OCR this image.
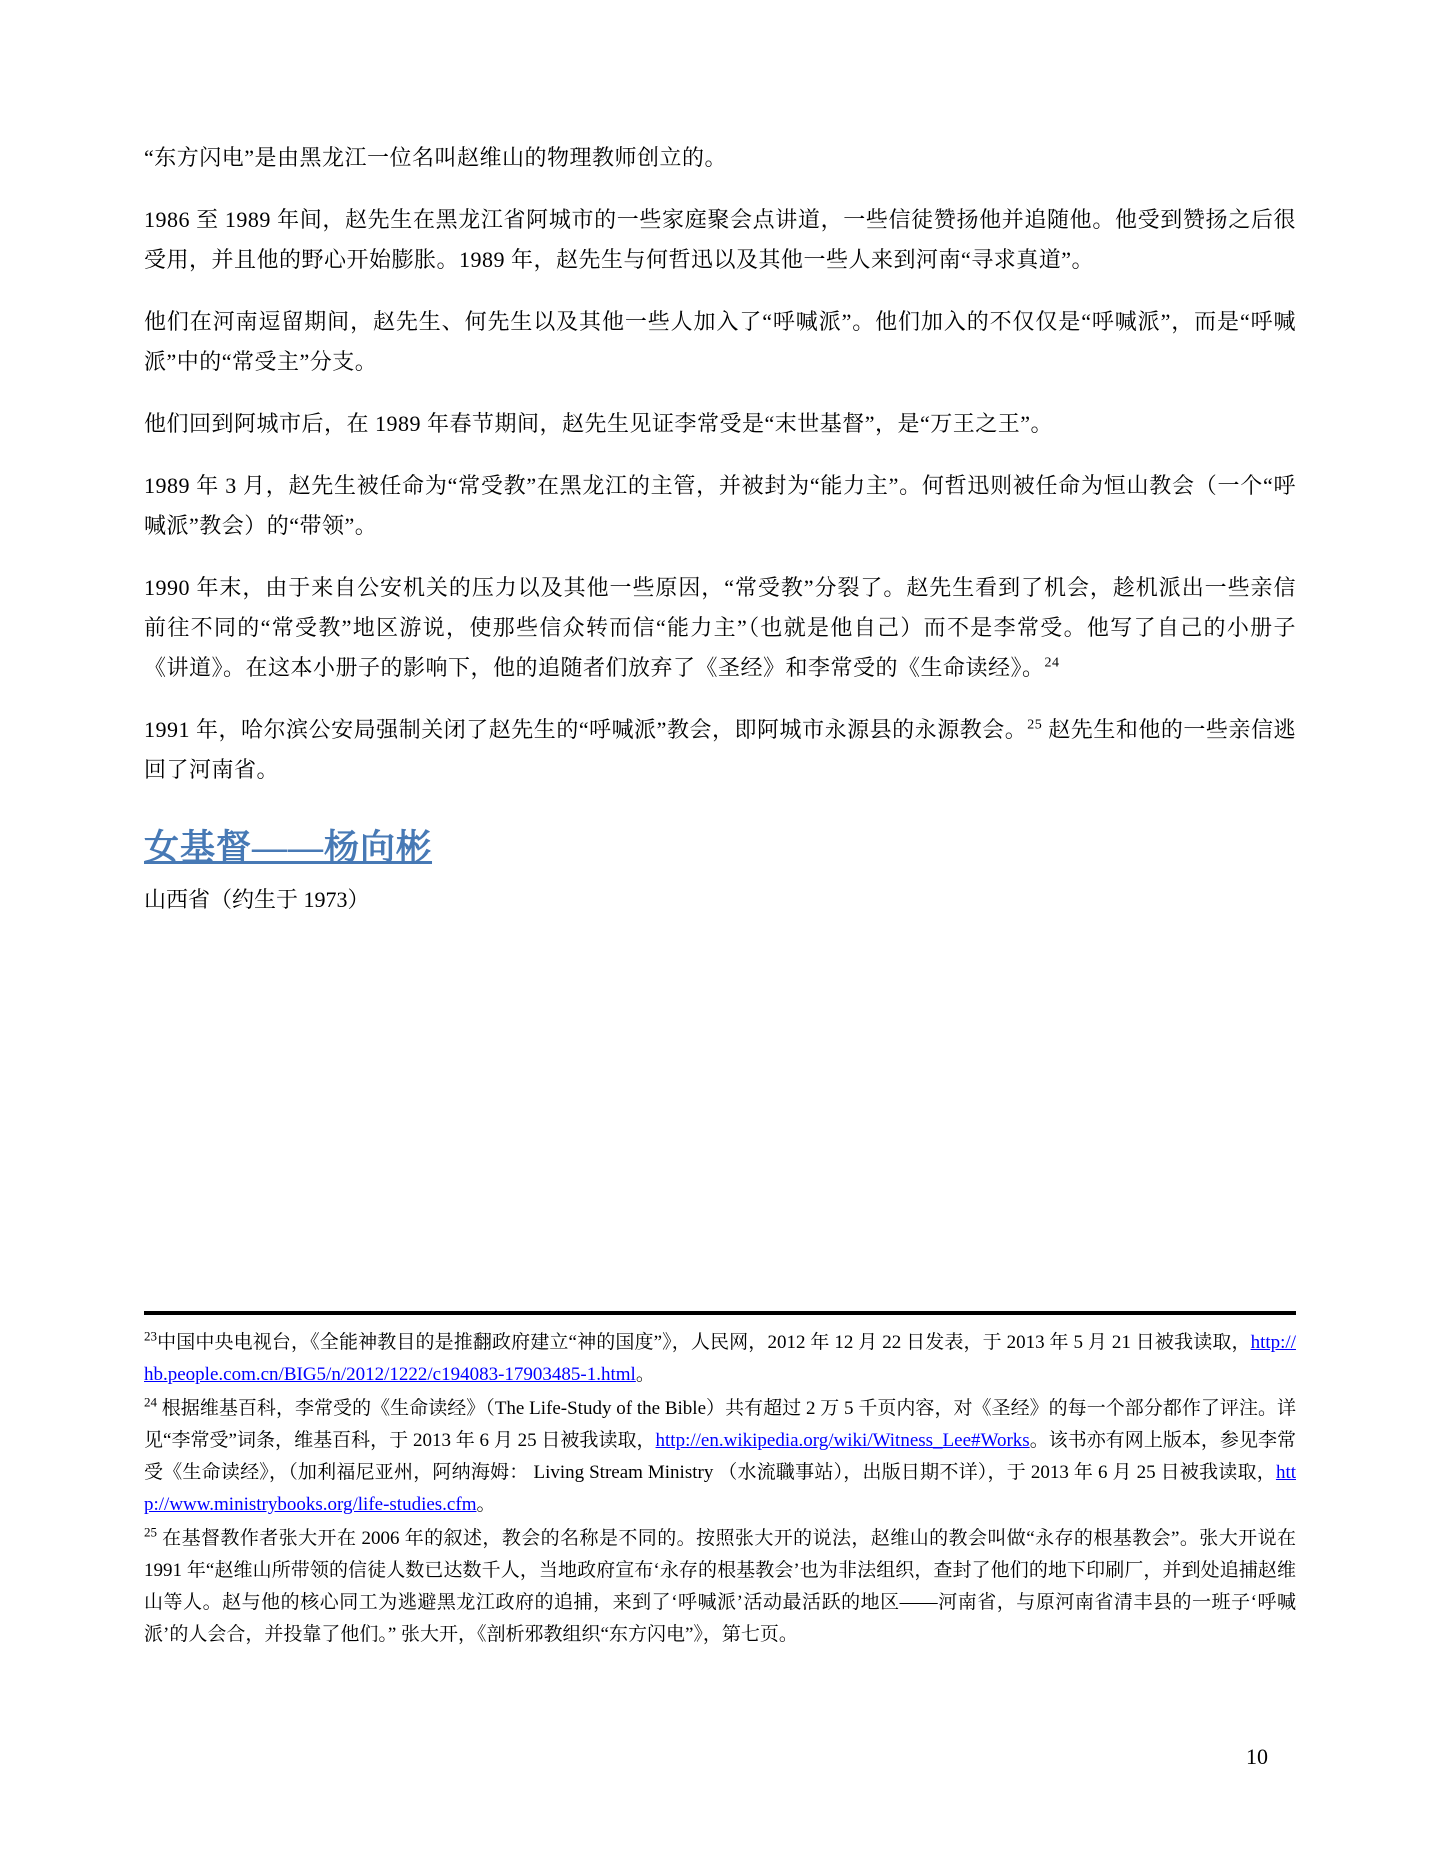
“东方闪电”是由黑龙江一位名叫赵维山的物理教师创立的。

1986 至 1989 年间，赵先生在黑龙江省阿城市的一些家庭聚会点讲道，一些信徒赞扬他并追随他。他受到赞扬之后很受用，并且他的野心开始膨胀。1989 年，赵先生与何哲迅以及其他一些人来到河南“寻求真道”。

他们在河南逗留期间，赵先生、何先生以及其他一些人加入了“呼喊派”。他们加入的不仅仅是“呼喊派”，而是“呼喊派”中的“常受主”分支。

他们回到阿城市后，在 1989 年春节期间，赵先生见证李常受是“末世基督”，是“万王之王”。

1989 年 3 月，赵先生被任命为“常受教”在黑龙江的主管，并被封为“能力主”。何哲迅则被任命为恒山教会（一个“呼喊派”教会）的“带领”。

1990 年末，由于来自公安机关的压力以及其他一些原因，“常受教”分裂了。赵先生看到了机会，趁机派出一些亲信前往不同的“常受教”地区游说，使那些信众转而信“能力主”（也就是他自己）而不是李常受。他写了自己的小册子《讲道》。在这本小册子的影响下，他的追随者们放弃了《圣经》和李常受的《生命读经》。$^{24}$

1991 年，哈尔滨公安局强制关闭了赵先生的“呼喊派”教会，即阿城市永源县的永源教会。$^{25}$ 赵先生和他的一些亲信逃回了河南省。

女基督——杨向彬

山西省（约生于 1973）

$^{23}$中国中央电视台，《全能神教目的是推翻政府建立“神的国度”》，人民网，2012 年 12 月 22 日发表，于 2013 年 5 月 21 日被我读取，http://hb.people.com.cn/BIG5/n/2012/1222/c194083-17903485-1.html。
$^{24}$ 根据维基百科，李常受的《生命读经》（The Life-Study of the Bible）共有超过 2 万 5 千页内容，对《圣经》的每一个部分都作了评注。详见“李常受”词条，维基百科，于 2013 年 6 月 25 日被我读取，http://en.wikipedia.org/wiki/Witness_Lee#Works。该书亦有网上版本，参见李常受《生命读经》，（加利福尼亚州，阿纳海姆： Living Stream Ministry （水流職事站），出版日期不详），于 2013 年 6 月 25 日被我读取，http://www.ministrybooks.org/life-studies.cfm。
$^{25}$ 在基督教作者张大开在 2006 年的叙述，教会的名称是不同的。按照张大开的说法，赵维山的教会叫做“永存的根基教会”。张大开说在 1991 年“赵维山所带领的信徒人数已达数千人，当地政府宣布‘永存的根基教会’也为非法组织，查封了他们的地下印刷厂，并到处追捕赵维山等人。赵与他的核心同工为逃避黑龙江政府的追捕，来到了‘呼喊派’活动最活跃的地区——河南省，与原河南省清丰县的一班子‘呼喊派’的人会合，并投靠了他们。” 张大开，《剖析邪教组织“东方闪电”》，第七页。
10
